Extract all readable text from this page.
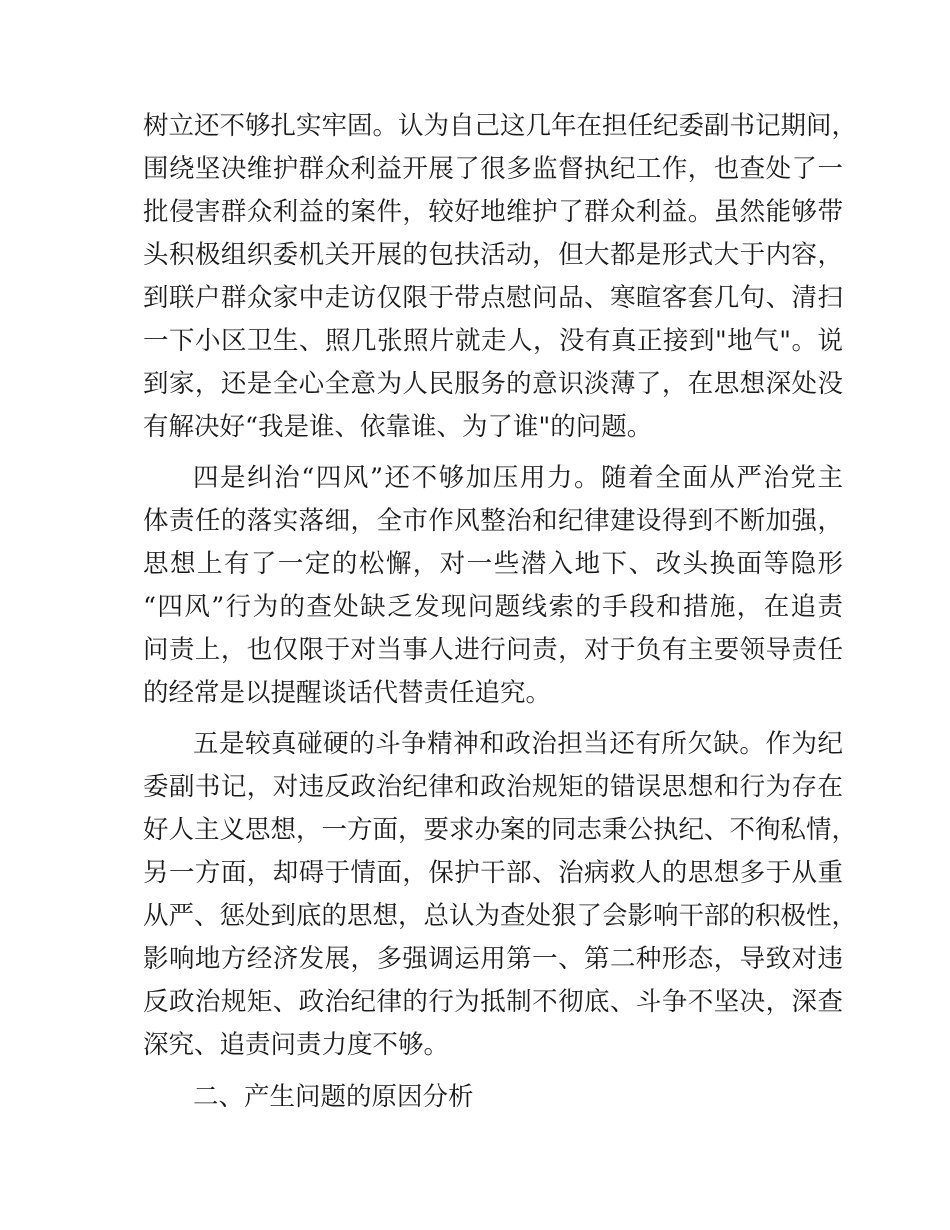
树立还不够扎实牢固。认为自己这几年在担任纪委副书记期间，
围绕坚决维护群众利益开展了很多监督执纪工作，也查处了一
批侵害群众利益的案件，较好地维护了群众利益。虽然能够带
头积极组织委机关开展的包扶活动，但大都是形式大于内容，
到联户群众家中走访仅限于带点慰问品、寒暄客套几句、清扫
一下小区卫生、照几张照片就走人，没有真正接到"地气"。说
到家，还是全心全意为人民服务的意识淡薄了，在思想深处没
有解决好“我是谁、依靠谁、为了谁"的问题。
四是纠治“四风”还不够加压用力。随着全面从严治党主
体责任的落实落细，全市作风整治和纪律建设得到不断加强，
思想上有了一定的松懈，对一些潜入地下、改头换面等隐形
“四风”行为的查处缺乏发现问题线索的手段和措施，在追责
问责上，也仅限于对当事人进行问责，对于负有主要领导责任
的经常是以提醒谈话代替责任追究。
五是较真碰硬的斗争精神和政治担当还有所欠缺。作为纪
委副书记，对违反政治纪律和政治规矩的错误思想和行为存在
好人主义思想，一方面，要求办案的同志秉公执纪、不徇私情，
另一方面，却碍于情面，保护干部、治病救人的思想多于从重
从严、惩处到底的思想，总认为查处狠了会影响干部的积极性，
影响地方经济发展，多强调运用第一、第二种形态，导致对违
反政治规矩、政治纪律的行为抵制不彻底、斗争不坚决，深查
深究、追责问责力度不够。
二、产生问题的原因分析
